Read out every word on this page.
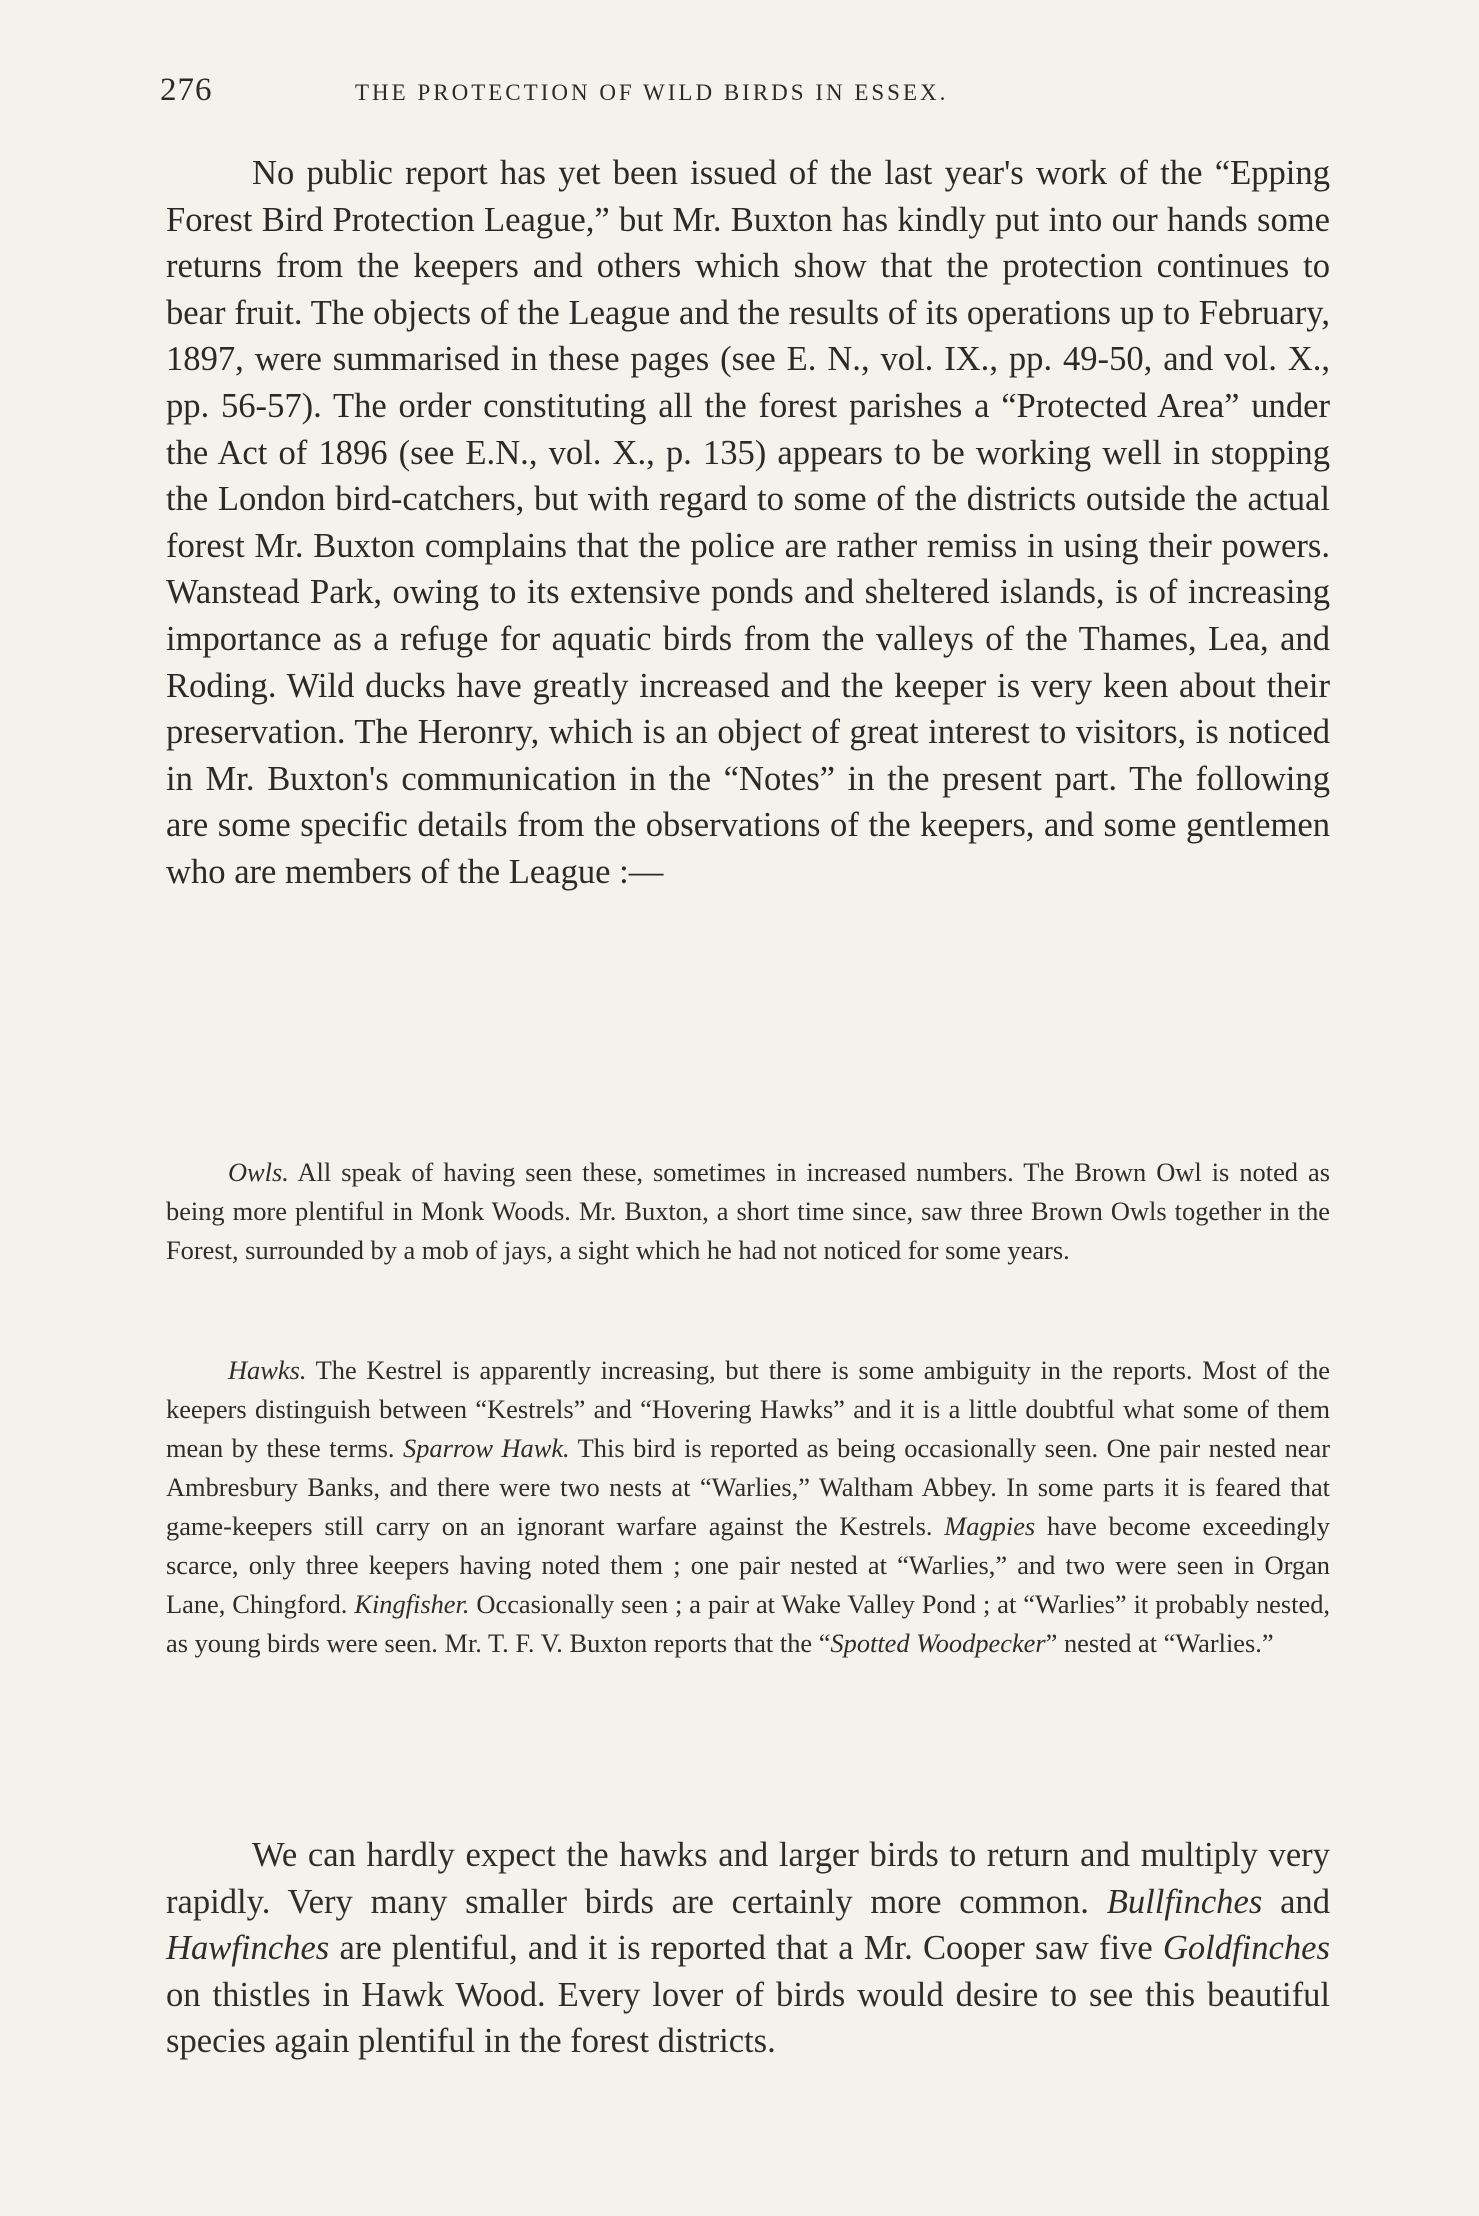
276	THE PROTECTION OF WILD BIRDS IN ESSEX.

No public report has yet been issued of the last year's work of the “Epping Forest Bird Protection League,” but Mr. Buxton has kindly put into our hands some returns from the keepers and others which show that the protection continues to bear fruit. The objects of the League and the results of its operations up to February, 1897, were summarised in these pages (see E. N., vol. IX., pp. 49-50, and vol. X., pp. 56-57). The order constituting all the forest parishes a “Protected Area” under the Act of 1896 (see E.N., vol. X., p. 135) appears to be working well in stopping the London bird-catchers, but with regard to some of the districts outside the actual forest Mr. Buxton complains that the police are rather remiss in using their powers. Wanstead Park, owing to its extensive ponds and sheltered islands, is of increasing importance as a refuge for aquatic birds from the valleys of the Thames, Lea, and Roding. Wild ducks have greatly increased and the keeper is very keen about their preservation. The Heronry, which is an object of great interest to visitors, is noticed in Mr. Buxton's communication in the “Notes” in the present part. The following are some specific details from the observations of the keepers, and some gentlemen who are members of the League :—

Owls. All speak of having seen these, sometimes in increased numbers. The Brown Owl is noted as being more plentiful in Monk Woods. Mr. Buxton, a short time since, saw three Brown Owls together in the Forest, surrounded by a mob of jays, a sight which he had not noticed for some years.

Hawks. The Kestrel is apparently increasing, but there is some ambiguity in the reports. Most of the keepers distinguish between “Kestrels” and “Hovering Hawks” and it is a little doubtful what some of them mean by these terms. Sparrow Hawk. This bird is reported as being occasionally seen. One pair nested near Ambresbury Banks, and there were two nests at “Warlies,” Waltham Abbey. In some parts it is feared that game-keepers still carry on an ignorant warfare against the Kestrels. Magpies have become exceedingly scarce, only three keepers having noted them ; one pair nested at “Warlies,” and two were seen in Organ Lane, Chingford. Kingfisher. Occasionally seen ; a pair at Wake Valley Pond ; at “Warlies” it probably nested, as young birds were seen. Mr. T. F. V. Buxton reports that the “Spotted Woodpecker” nested at “Warlies.”

We can hardly expect the hawks and larger birds to return and multiply very rapidly. Very many smaller birds are certainly more common. Bullfinches and Hawfinches are plentiful, and it is reported that a Mr. Cooper saw five Goldfinches on thistles in Hawk Wood. Every lover of birds would desire to see this beautiful species again plentiful in the forest districts.
